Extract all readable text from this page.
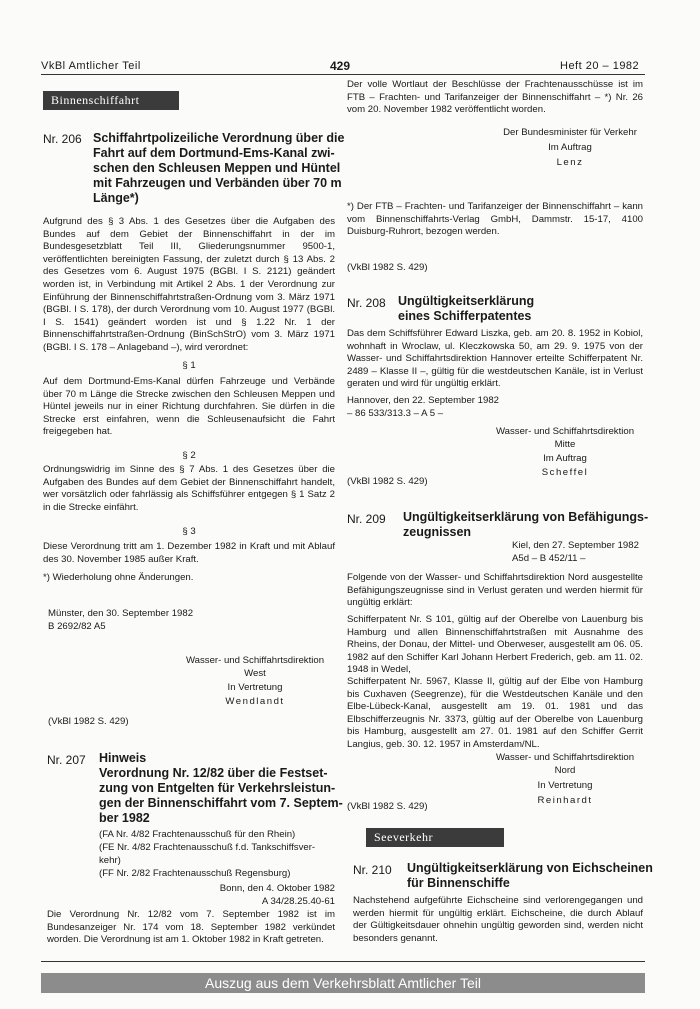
VkBl Amtlicher Teil	429	Heft 20 – 1982
Binnenschiffahrt
Nr. 206 Schiffahrtpolizeiliche Verordnung über die
Fahrt auf dem Dortmund-Ems-Kanal zwi-
schen den Schleusen Meppen und Hüntel
mit Fahrzeugen und Verbänden über 70 m
Länge*)
Aufgrund des § 3 Abs. 1 des Gesetzes über die Aufgaben des Bundes auf dem Gebiet der Binnenschiffahrt in der im Bundesgesetzblatt Teil III, Gliederungsnummer 9500-1, veröffentlichten bereinigten Fassung, der zuletzt durch § 13 Abs. 2 des Gesetzes vom 6. August 1975 (BGBl. I S. 2121) geändert worden ist, in Verbindung mit Artikel 2 Abs. 1 der Verordnung zur Einführung der Binnenschiffahrtstraßen-Ordnung vom 3. März 1971 (BGBl. I S. 178), der durch Verordnung vom 10. August 1977 (BGBl. I S. 1541) geändert worden ist und § 1.22 Nr. 1 der Binnenschiffahrtstraßen-Ordnung (BinSchStrO) vom 3. März 1971 (BGBl. I S. 178 – Anlageband –), wird verordnet:
§ 1
Auf dem Dortmund-Ems-Kanal dürfen Fahrzeuge und Verbände über 70 m Länge die Strecke zwischen den Schleusen Meppen und Hüntel jeweils nur in einer Richtung durchfahren. Sie dürfen in die Strecke erst einfahren, wenn die Schleusenaufsicht die Fahrt freigegeben hat.
§ 2
Ordnungswidrig im Sinne des § 7 Abs. 1 des Gesetzes über die Aufgaben des Bundes auf dem Gebiet der Binnenschiffahrt handelt, wer vorsätzlich oder fahrlässig als Schiffsführer entgegen § 1 Satz 2 in die Strecke einfährt.
§ 3
Diese Verordnung tritt am 1. Dezember 1982 in Kraft und mit Ablauf des 30. November 1985 außer Kraft.
*) Wiederholung ohne Änderungen.
Münster, den 30. September 1982
B 2692/82 A5
Wasser- und Schiffahrtsdirektion
West
In Vertretung
Wendlandt
(VkBl 1982 S. 429)
Nr. 207 Hinweis
Verordnung Nr. 12/82 über die Festset-
zung von Entgelten für Verkehrsleistun-
gen der Binnenschiffahrt vom 7. Septem-
ber 1982
(FA Nr. 4/82 Frachtenausschuß für den Rhein)
(FE Nr. 4/82 Frachtenausschuß f.d. Tankschiffsver-
kehr)
(FF Nr. 2/82 Frachtenausschuß Regensburg)
Bonn, den 4. Oktober 1982
A 34/28.25.40-61
Die Verordnung Nr. 12/82 vom 7. September 1982 ist im Bundesanzeiger Nr. 174 vom 18. September 1982 verkündet worden. Die Verordnung ist am 1. Oktober 1982 in Kraft getreten.
Der volle Wortlaut der Beschlüsse der Frachtenausschüsse ist im FTB – Frachten- und Tarifanzeiger der Binnenschiffahrt – *) Nr. 26 vom 20. November 1982 veröffentlicht worden.
Der Bundesminister für Verkehr
Im Auftrag
Lenz
*) Der FTB – Frachten- und Tarifanzeiger der Binnenschiffahrt – kann vom Binnenschiffahrts-Verlag GmbH, Dammstr. 15-17, 4100 Duisburg-Ruhrort, bezogen werden.
(VkBl 1982 S. 429)
Nr. 208 Ungültigkeitserklärung
eines Schifferpatentes
Das dem Schiffsführer Edward Liszka, geb. am 20. 8. 1952 in Kobiol, wohnhaft in Wroclaw, ul. Kleczkowska 50, am 29. 9. 1975 von der Wasser- und Schiffahrtsdirektion Hannover erteilte Schifferpatent Nr. 2489 – Klasse II –, gültig für die westdeutschen Kanäle, ist in Verlust geraten und wird für ungültig erklärt.
Hannover, den 22. September 1982
– 86 533/313.3 – A 5 –
Wasser- und Schiffahrtsdirektion
Mitte
Im Auftrag
Scheffel
(VkBl 1982 S. 429)
Nr. 209 Ungültigkeitserklärung von Befähigungs-
zeugnissen
Kiel, den 27. September 1982
A5d – B 452/11 –
Folgende von der Wasser- und Schiffahrtsdirektion Nord ausgestellte Befähigungszeugnisse sind in Verlust geraten und werden hiermit für ungültig erklärt:
Schifferpatent Nr. S 101, gültig auf der Oberelbe von Lauenburg bis Hamburg und allen Binnenschiffahrtstraßen mit Ausnahme des Rheins, der Donau, der Mittel- und Oberweser, ausgestellt am 06. 05. 1982 auf den Schiffer Karl Johann Herbert Frederich, geb. am 11. 02. 1948 in Wedel,
Schifferpatent Nr. 5967, Klasse II, gültig auf der Elbe von Hamburg bis Cuxhaven (Seegrenze), für die Westdeutschen Kanäle und den Elbe-Lübeck-Kanal, ausgestellt am 19. 01. 1981 und das Elbschifferzeugnis Nr. 3373, gültig auf der Oberelbe von Lauenburg bis Hamburg, ausgestellt am 27. 01. 1981 auf den Schiffer Gerrit Langius, geb. 30. 12. 1957 in Amsterdam/NL.
Wasser- und Schiffahrtsdirektion
Nord
In Vertretung
Reinhardt
(VkBl 1982 S. 429)
Seeverkehr
Nr. 210 Ungültigkeitserklärung von Eichscheinen
für Binnenschiffe
Nachstehend aufgeführte Eichscheine sind verlorengegangen und werden hiermit für ungültig erklärt. Eichscheine, die durch Ablauf der Gültigkeitsdauer ohnehin ungültig geworden sind, werden nicht besonders genannt.
Auszug aus dem Verkehrsblatt Amtlicher Teil
